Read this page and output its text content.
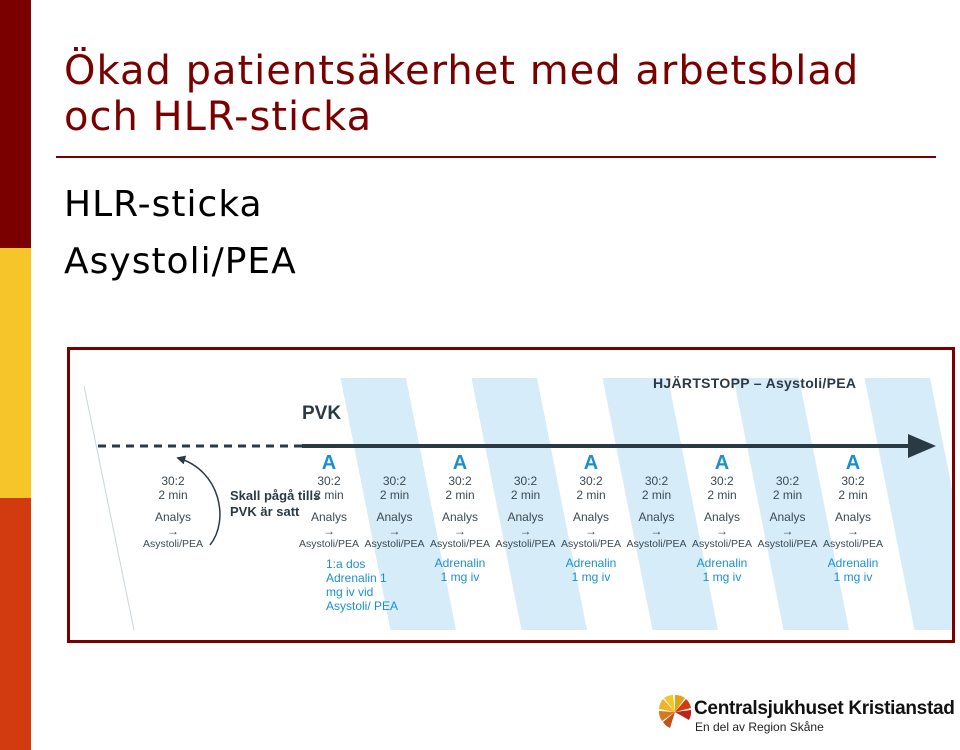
Ökad patientsäkerhet med arbetsblad
och HLR-sticka
HLR-sticka
Asystoli/PEA
HJÄRTSTOPP – Asystoli/PEA
PVK
Skall pågå tills PVK är satt
1:a dos Adrenalin 1 mg iv vid Asystoli/ PEA
30:2
2 min
Analys
→
Asystoli/PEA
A
30:2
2 min
Analys
→
Asystoli/PEA
30:2
2 min
Analys
→
Asystoli/PEA
A
30:2
2 min
Analys
→
Asystoli/PEA
Adrenalin
1 mg iv
30:2
2 min
Analys
→
Asystoli/PEA
A
30:2
2 min
Analys
→
Asystoli/PEA
Adrenalin
1 mg iv
30:2
2 min
Analys
→
Asystoli/PEA
A
30:2
2 min
Analys
→
Asystoli/PEA
Adrenalin
1 mg iv
30:2
2 min
Analys
→
Asystoli/PEA
A
30:2
2 min
Analys
→
Asystoli/PEA
Adrenalin
1 mg iv
Centralsjukhuset Kristianstad
En del av Region Skåne
